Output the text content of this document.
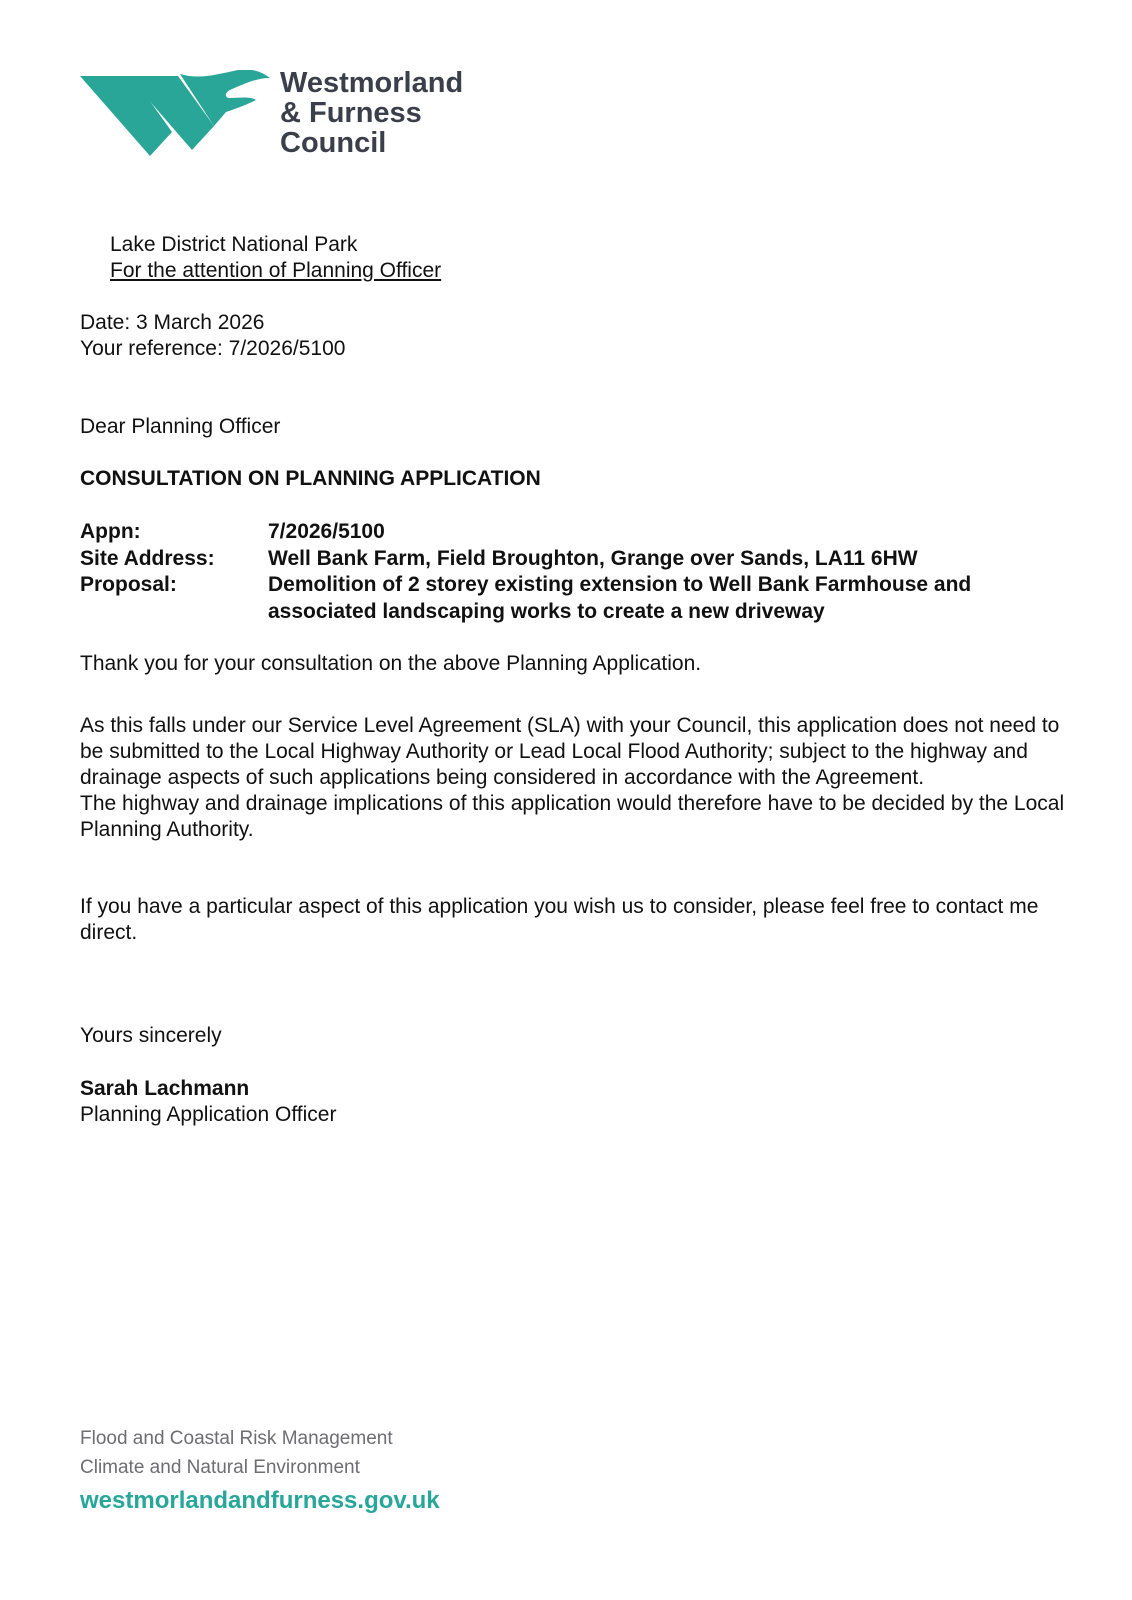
Westmorland
& Furness
Council
Lake District National Park
For the attention of Planning Officer
Date: 3 March 2026
Your reference: 7/2026/5100
Dear Planning Officer
CONSULTATION ON PLANNING APPLICATION
Appn:	7/2026/5100
Site Address:	Well Bank Farm, Field Broughton, Grange over Sands, LA11 6HW
Proposal:	Demolition of 2 storey existing extension to Well Bank Farmhouse and associated landscaping works to create a new driveway
Thank you for your consultation on the above Planning Application.
As this falls under our Service Level Agreement (SLA) with your Council, this application does not need to be submitted to the Local Highway Authority or Lead Local Flood Authority; subject to the highway and drainage aspects of such applications being considered in accordance with the Agreement.
The highway and drainage implications of this application would therefore have to be decided by the Local Planning Authority.
If you have a particular aspect of this application you wish us to consider, please feel free to contact me direct.
Yours sincerely
Sarah Lachmann
Planning Application Officer
Flood and Coastal Risk Management
Climate and Natural Environment
westmorlandandfurness.gov.uk
